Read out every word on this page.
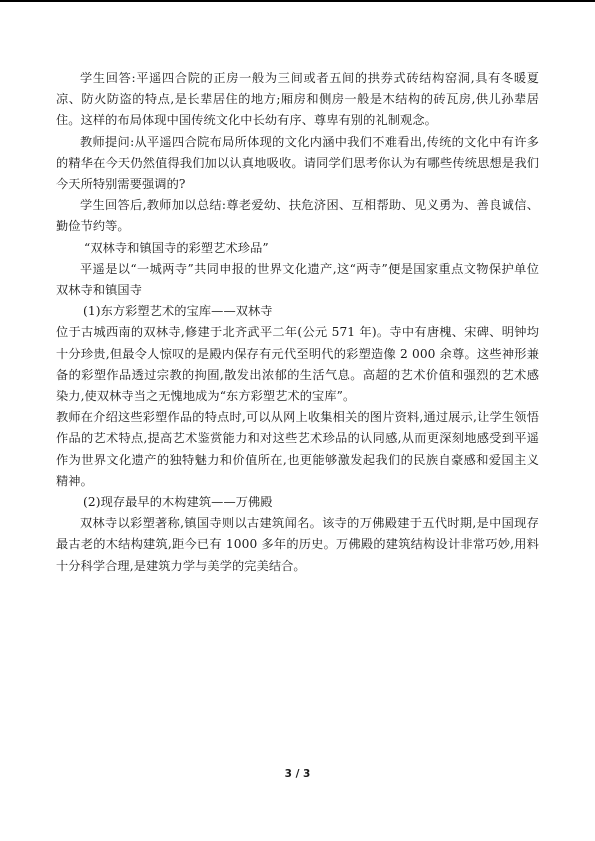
学生回答:平遥四合院的正房一般为三间或者五间的拱券式砖结构窑洞,具有冬暖夏凉、防火防盗的特点,是长辈居住的地方;厢房和侧房一般是木结构的砖瓦房,供儿孙辈居住。这样的布局体现中国传统文化中长幼有序、尊卑有别的礼制观念。

教师提问:从平遥四合院布局所体现的文化内涵中我们不难看出,传统的文化中有许多的精华在今天仍然值得我们加以认真地吸收。请同学们思考你认为有哪些传统思想是我们今天所特别需要强调的?

学生回答后,教师加以总结:尊老爱幼、扶危济困、互相帮助、见义勇为、善良诚信、勤俭节约等。

“双林寺和镇国寺的彩塑艺术珍品”

平遥是以“一城两寺”共同申报的世界文化遗产,这“两寺”便是国家重点文物保护单位双林寺和镇国寺

(1)东方彩塑艺术的宝库——双林寺

位于古城西南的双林寺,修建于北齐武平二年(公元 571 年)。寺中有唐槐、宋碑、明钟均十分珍贵,但最令人惊叹的是殿内保存有元代至明代的彩塑造像 2 000 余尊。这些神形兼备的彩塑作品透过宗教的拘囿,散发出浓郁的生活气息。高超的艺术价值和强烈的艺术感染力,使双林寺当之无愧地成为“东方彩塑艺术的宝库”。

教师在介绍这些彩塑作品的特点时,可以从网上收集相关的图片资料,通过展示,让学生领悟作品的艺术特点,提高艺术鉴赏能力和对这些艺术珍品的认同感,从而更深刻地感受到平遥作为世界文化遗产的独特魅力和价值所在,也更能够激发起我们的民族自豪感和爱国主义精神。

(2)现存最早的木构建筑——万佛殿

双林寺以彩塑著称,镇国寺则以古建筑闻名。该寺的万佛殿建于五代时期,是中国现存最古老的木结构建筑,距今已有 1000 多年的历史。万佛殿的建筑结构设计非常巧妙,用料十分科学合理,是建筑力学与美学的完美结合。

3 / 3
